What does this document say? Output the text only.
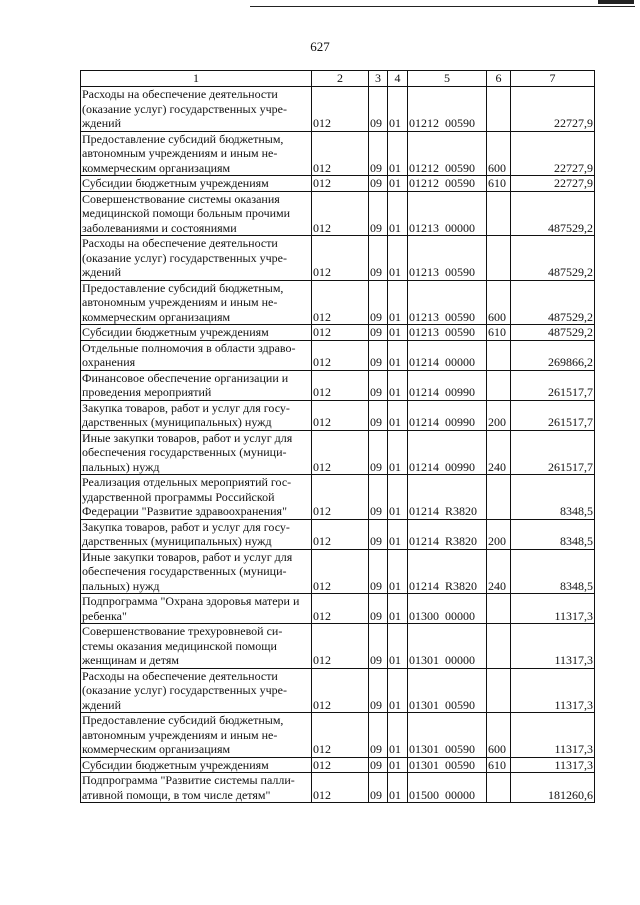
627
1	2	3	4	5	6	7
Расходы на обеспечение деятельности (оказание услуг) государственных учре- ждений	012	09	01	01212  00590		22727,9
Предоставление субсидий бюджетным, автономным учреждениям и иным не- коммерческим организациям	012	09	01	01212  00590	600	22727,9
Субсидии бюджетным учреждениям	012	09	01	01212  00590	610	22727,9
Совершенствование системы оказания медицинской помощи больным прочими заболеваниями и состояниями	012	09	01	01213  00000		487529,2
Расходы на обеспечение деятельности (оказание услуг) государственных учре- ждений	012	09	01	01213  00590		487529,2
Предоставление субсидий бюджетным, автономным учреждениям и иным не- коммерческим организациям	012	09	01	01213  00590	600	487529,2
Субсидии бюджетным учреждениям	012	09	01	01213  00590	610	487529,2
Отдельные полномочия в области здраво- охранения	012	09	01	01214  00000		269866,2
Финансовое обеспечение организации и проведения мероприятий	012	09	01	01214  00990		261517,7
Закупка товаров, работ и услуг для госу- дарственных (муниципальных) нужд	012	09	01	01214  00990	200	261517,7
Иные закупки товаров, работ и услуг для обеспечения государственных (муници- пальных) нужд	012	09	01	01214  00990	240	261517,7
Реализация отдельных мероприятий гос- ударственной программы Российской Федерации "Развитие здравоохранения"	012	09	01	01214  R3820		8348,5
Закупка товаров, работ и услуг для госу- дарственных (муниципальных) нужд	012	09	01	01214  R3820	200	8348,5
Иные закупки товаров, работ и услуг для обеспечения государственных (муници- пальных) нужд	012	09	01	01214  R3820	240	8348,5
Подпрограмма "Охрана здоровья матери и ребенка"	012	09	01	01300  00000		11317,3
Совершенствование трехуровневой си- стемы оказания медицинской помощи женщинам и детям	012	09	01	01301  00000		11317,3
Расходы на обеспечение деятельности (оказание услуг) государственных учре- ждений	012	09	01	01301  00590		11317,3
Предоставление субсидий бюджетным, автономным учреждениям и иным не- коммерческим организациям	012	09	01	01301  00590	600	11317,3
Субсидии бюджетным учреждениям	012	09	01	01301  00590	610	11317,3
Подпрограмма "Развитие системы палли- ативной помощи, в том числе детям"	012	09	01	01500  00000		181260,6
